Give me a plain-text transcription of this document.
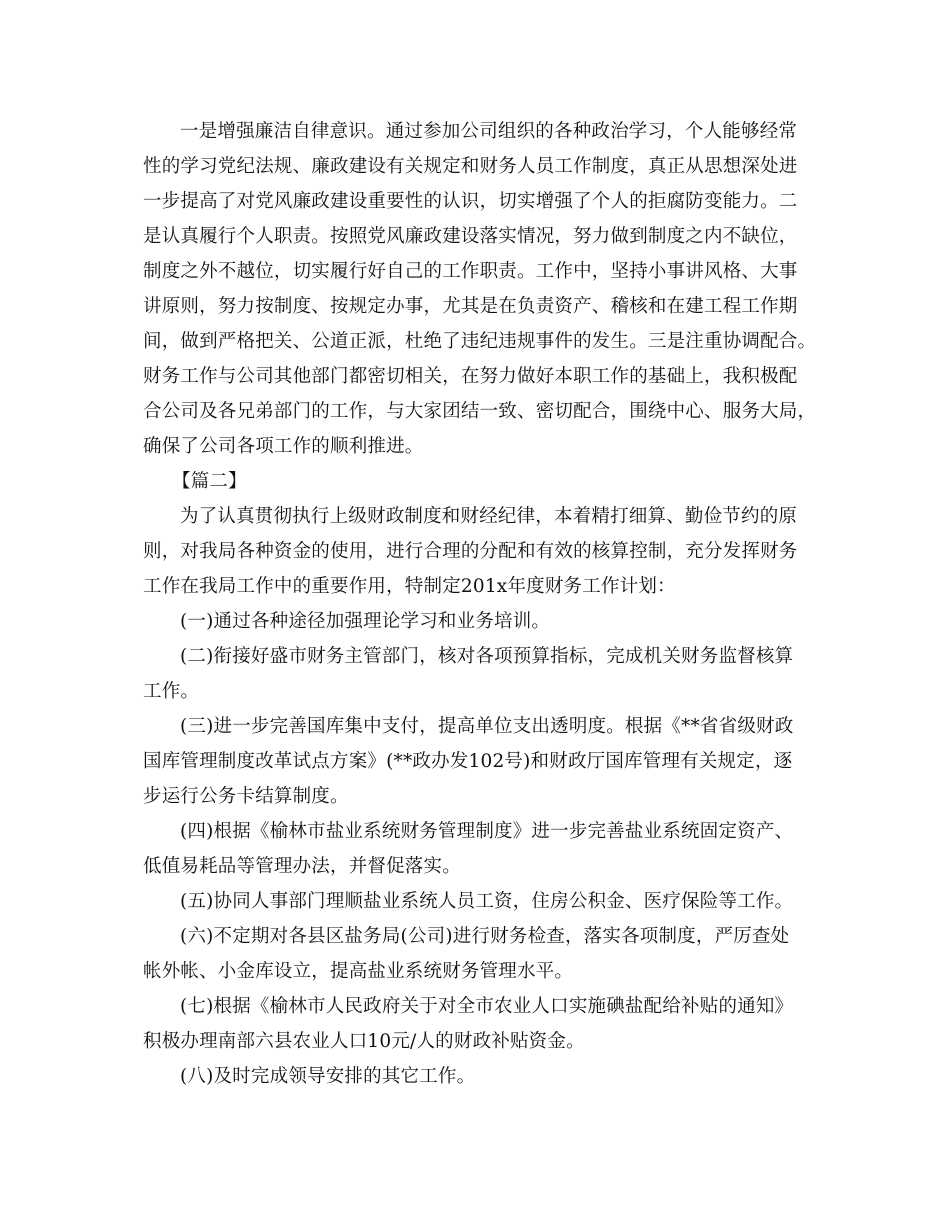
一是增强廉洁自律意识。通过参加公司组织的各种政治学习，个人能够经常
性的学习党纪法规、廉政建设有关规定和财务人员工作制度，真正从思想深处进
一步提高了对党风廉政建设重要性的认识，切实增强了个人的拒腐防变能力。二
是认真履行个人职责。按照党风廉政建设落实情况，努力做到制度之内不缺位，
制度之外不越位，切实履行好自己的工作职责。工作中，坚持小事讲风格、大事
讲原则，努力按制度、按规定办事，尤其是在负责资产、稽核和在建工程工作期
间，做到严格把关、公道正派，杜绝了违纪违规事件的发生。三是注重协调配合。
财务工作与公司其他部门都密切相关，在努力做好本职工作的基础上，我积极配
合公司及各兄弟部门的工作，与大家团结一致、密切配合，围绕中心、服务大局，
确保了公司各项工作的顺利推进。
【篇二】
为了认真贯彻执行上级财政制度和财经纪律，本着精打细算、勤俭节约的原
则，对我局各种资金的使用，进行合理的分配和有效的核算控制，充分发挥财务
工作在我局工作中的重要作用，特制定201x年度财务工作计划：
(一)通过各种途径加强理论学习和业务培训。
(二)衔接好盛市财务主管部门，核对各项预算指标，完成机关财务监督核算
工作。
(三)进一步完善国库集中支付，提高单位支出透明度。根据《**省省级财政
国库管理制度改革试点方案》(**政办发102号)和财政厅国库管理有关规定，逐
步运行公务卡结算制度。
(四)根据《榆林市盐业系统财务管理制度》进一步完善盐业系统固定资产、
低值易耗品等管理办法，并督促落实。
(五)协同人事部门理顺盐业系统人员工资，住房公积金、医疗保险等工作。
(六)不定期对各县区盐务局(公司)进行财务检查，落实各项制度，严厉查处
帐外帐、小金库设立，提高盐业系统财务管理水平。
(七)根据《榆林市人民政府关于对全市农业人口实施碘盐配给补贴的通知》
积极办理南部六县农业人口10元/人的财政补贴资金。
(八)及时完成领导安排的其它工作。
